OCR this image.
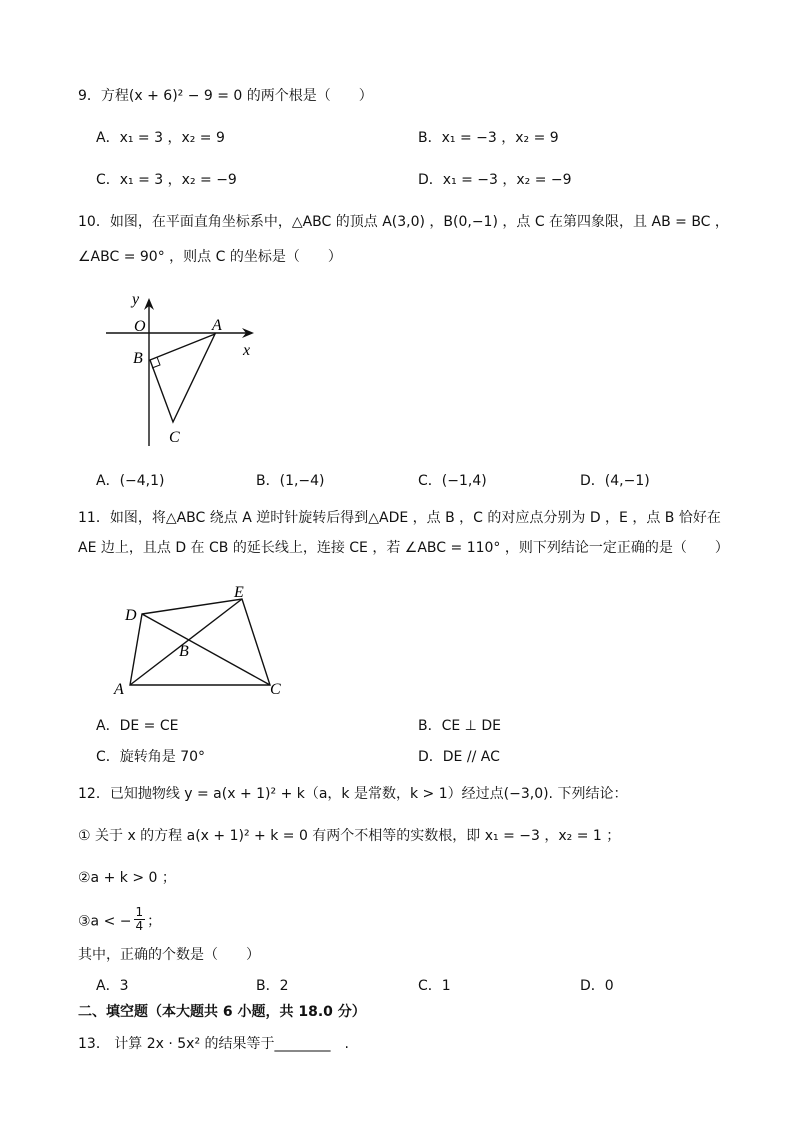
9．方程(x + 6)² − 9 = 0 的两个根是（　　）
A．x₁ = 3 ，x₂ = 9	B．x₁ = −3 ，x₂ = 9
C．x₁ = 3 ，x₂ = −9	D．x₁ = −3 ，x₂ = −9
10．如图，在平面直角坐标系中，△ABC 的顶点 A(3,0) ，B(0,−1) ，点 C 在第四象限，且 AB = BC ，
∠ABC = 90° ，则点 C 的坐标是（　　）
y
O	A
x
B
C
A．(−4,1)	B．(1,−4)	C．(−1,4)	D．(4,−1)
11．如图，将△ABC 绕点 A 逆时针旋转后得到△ADE ，点 B ，C 的对应点分别为 D ，E ，点 B 恰好在
AE 边上，且点 D 在 CB 的延长线上，连接 CE ，若 ∠ABC = 110° ，则下列结论一定正确的是（　　）
D
E
B
A	C
A．DE = CE	B．CE ⊥ DE
C．旋转角是 70°	D．DE // AC
12．已知抛物线 y = a(x + 1)² + k（a，k 是常数，k > 1）经过点(−3,0). 下列结论：
① 关于 x 的方程 a(x + 1)² + k = 0 有两个不相等的实数根，即 x₁ = −3 ，x₂ = 1 ；
②a + k > 0 ；
③a < − $\frac{1}{4}$ ；
其中，正确的个数是（　　）
A．3	B．2	C．1	D．0
二、填空题（本大题共 6 小题，共 18.0 分）
13． 计算 2x · 5x² 的结果等于________　.
